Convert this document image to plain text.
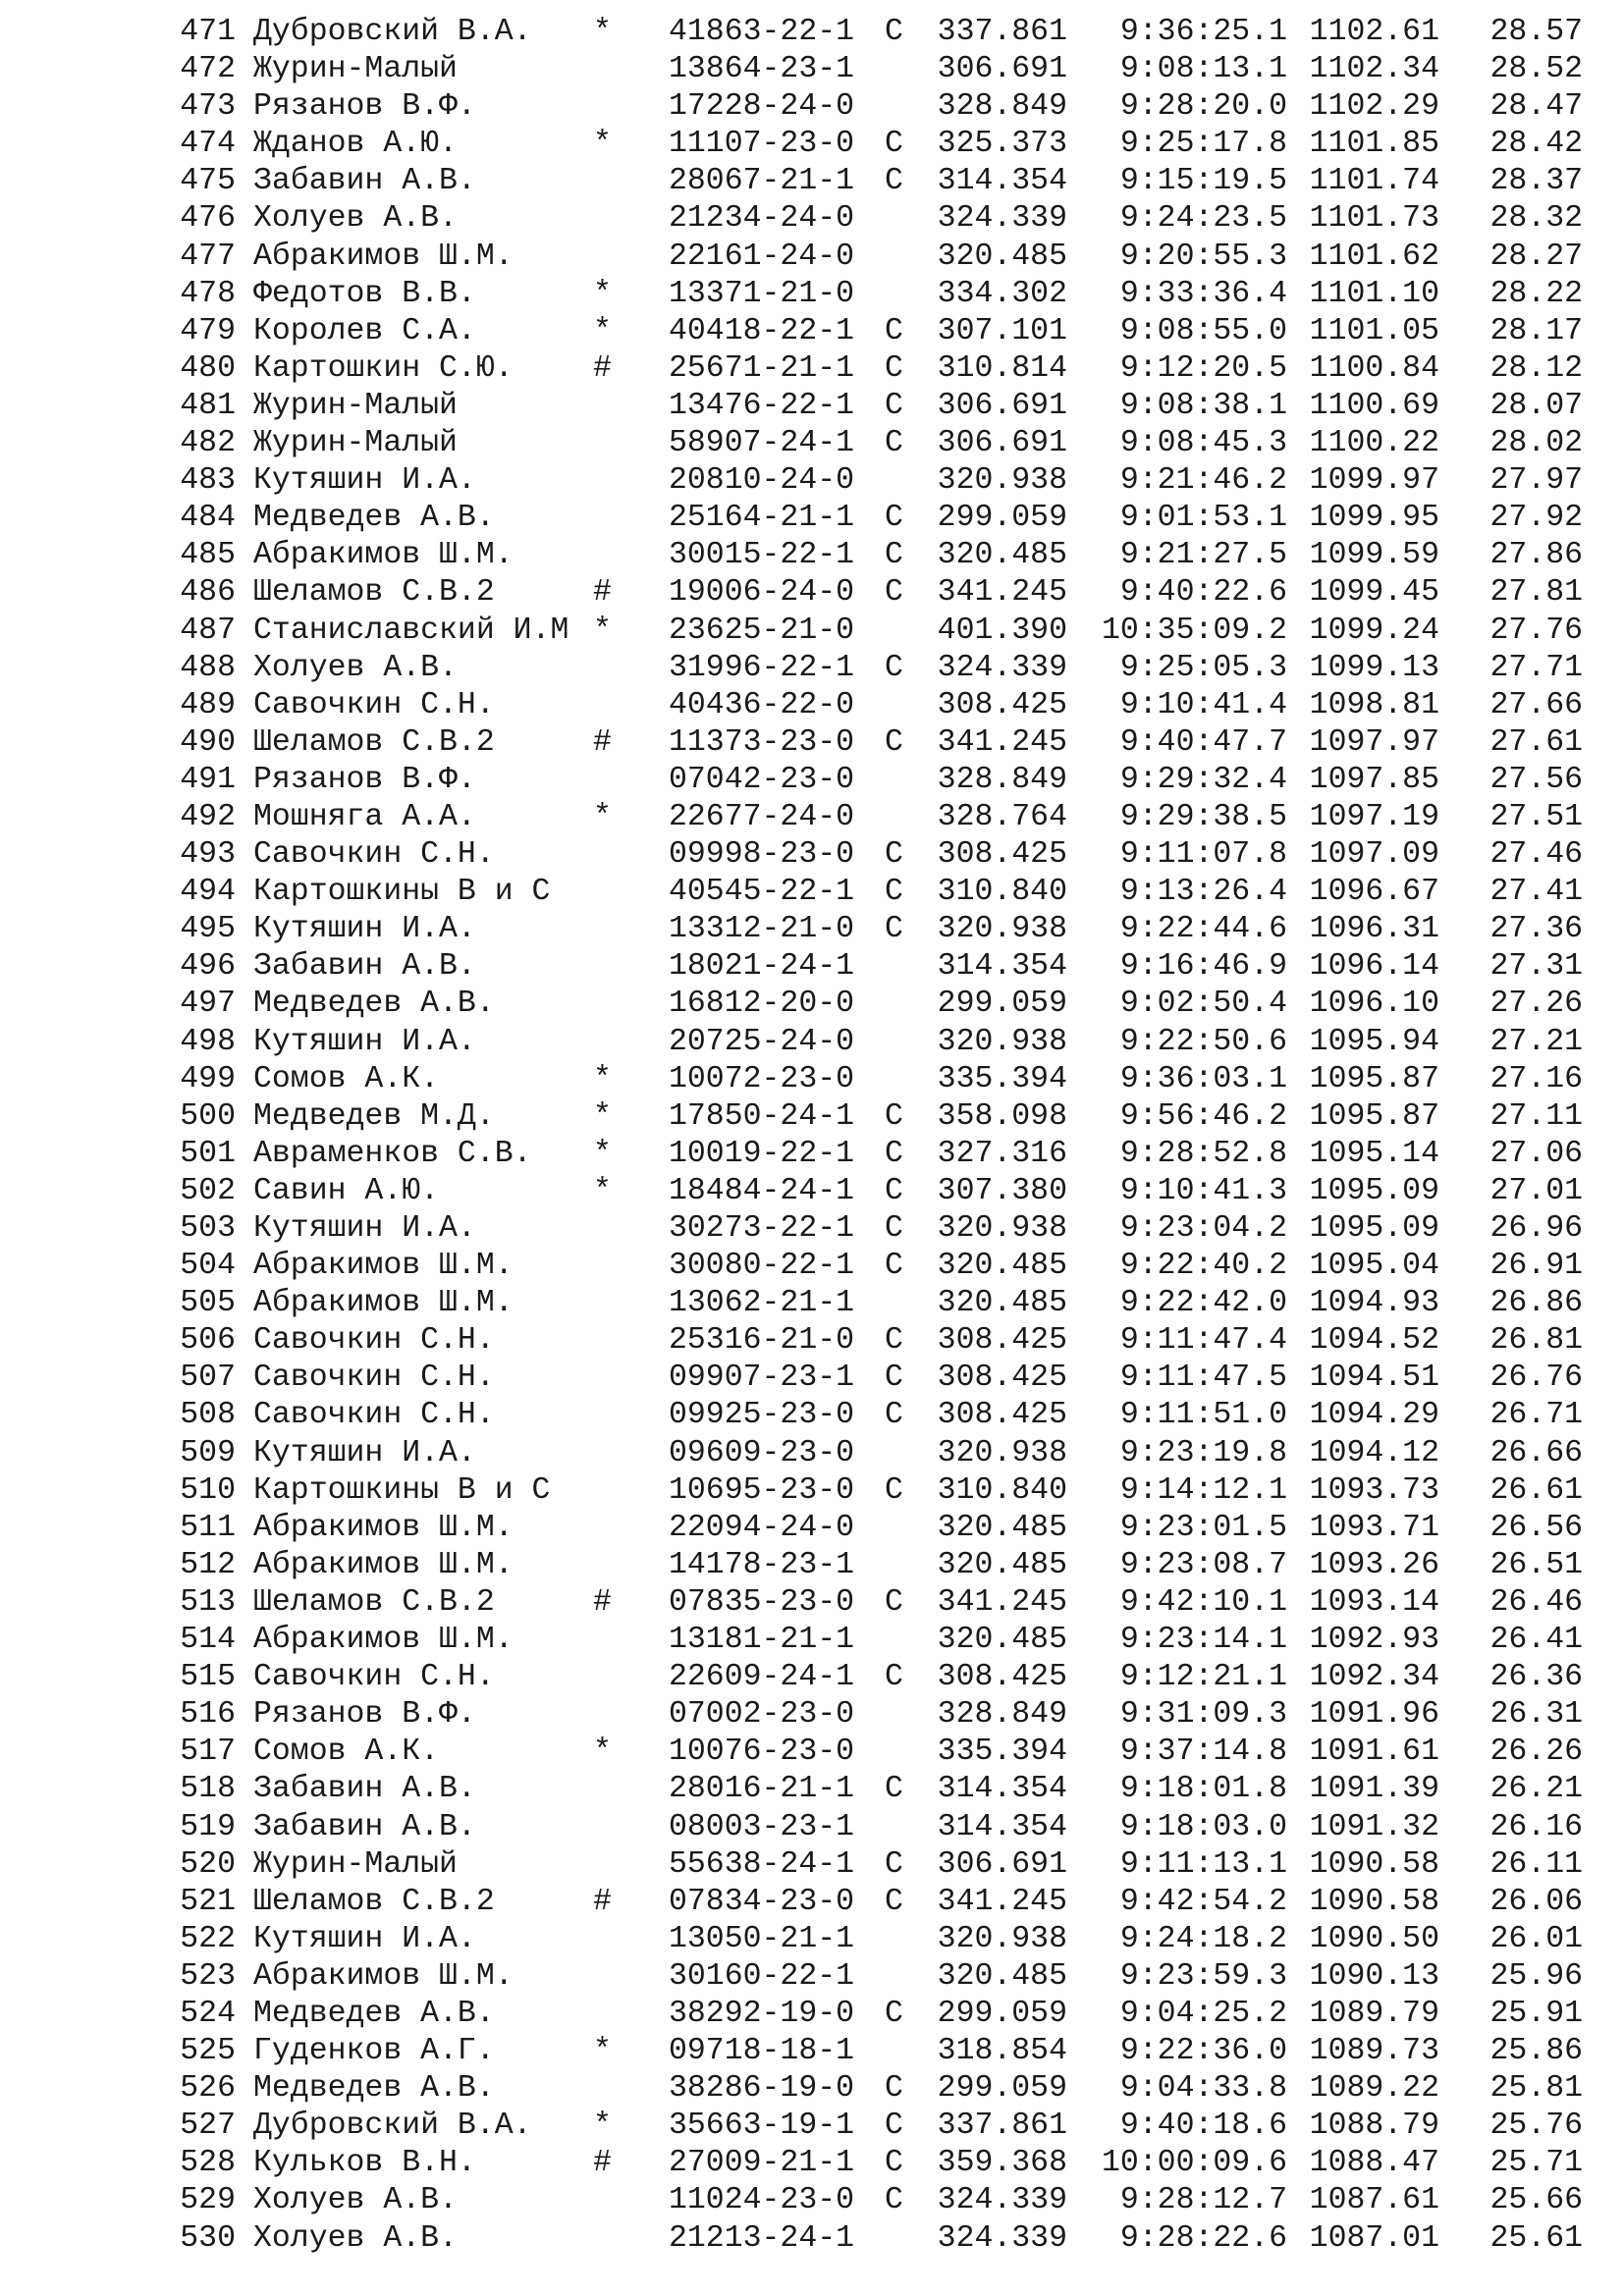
471 Дубровский В.А. * 41863-22-1 C	337.861	9:36:25.1 1102.61	28.57
472 Журин-Малый	13864-23-1	306.691	9:08:13.1 1102.34	28.52
473 Рязанов В.Ф.	17228-24-0	328.849	9:28:20.0 1102.29	28.47
474 Жданов А.Ю.	* 11107-23-0 C	325.373	9:25:17.8 1101.85	28.42
475 Забавин А.В.	28067-21-1 C	314.354	9:15:19.5 1101.74	28.37
476 Холуев А.В.	21234-24-0	324.339	9:24:23.5 1101.73	28.32
477 Абракимов Ш.М.	22161-24-0	320.485	9:20:55.3 1101.62	28.27
478 Федотов В.В.	* 13371-21-0	334.302	9:33:36.4 1101.10	28.22
479 Королев С.А.	* 40418-22-1 C	307.101	9:08:55.0 1101.05	28.17
480 Картошкин С.Ю.	# 25671-21-1 C	310.814	9:12:20.5 1100.84	28.12
481 Журин-Малый	13476-22-1 C	306.691	9:08:38.1 1100.69	28.07
482 Журин-Малый	58907-24-1 C	306.691	9:08:45.3 1100.22	28.02
483 Кутяшин И.А.	20810-24-0	320.938	9:21:46.2 1099.97	27.97
484 Медведев А.В.	25164-21-1 C	299.059	9:01:53.1 1099.95	27.92
485 Абракимов Ш.М.	30015-22-1 C	320.485	9:21:27.5 1099.59	27.86
486 Шеламов С.В.2	# 19006-24-0 C	341.245	9:40:22.6 1099.45	27.81
487 Станиславский И.М * 23625-21-0	401.390	10:35:09.2 1099.24	27.76
488 Холуев А.В.	31996-22-1 C	324.339	9:25:05.3 1099.13	27.71
489 Савочкин С.Н.	40436-22-0	308.425	9:10:41.4 1098.81	27.66
490 Шеламов С.В.2	# 11373-23-0 C	341.245	9:40:47.7 1097.97	27.61
491 Рязанов В.Ф.	07042-23-0	328.849	9:29:32.4 1097.85	27.56
492 Мошняга А.А.	* 22677-24-0	328.764	9:29:38.5 1097.19	27.51
493 Савочкин С.Н.	09998-23-0 C	308.425	9:11:07.8 1097.09	27.46
494 Картошкины В и С	40545-22-1 C	310.840	9:13:26.4 1096.67	27.41
495 Кутяшин И.А.	13312-21-0 C	320.938	9:22:44.6 1096.31	27.36
496 Забавин А.В.	18021-24-1	314.354	9:16:46.9 1096.14	27.31
497 Медведев А.В.	16812-20-0	299.059	9:02:50.4 1096.10	27.26
498 Кутяшин И.А.	20725-24-0	320.938	9:22:50.6 1095.94	27.21
499 Сомов А.К.	* 10072-23-0	335.394	9:36:03.1 1095.87	27.16
500 Медведев М.Д.	* 17850-24-1 C	358.098	9:56:46.2 1095.87	27.11
501 Авраменков С.В. * 10019-22-1 C	327.316	9:28:52.8 1095.14	27.06
502 Савин А.Ю.	* 18484-24-1 C	307.380	9:10:41.3 1095.09	27.01
503 Кутяшин И.А.	30273-22-1 C	320.938	9:23:04.2 1095.09	26.96
504 Абракимов Ш.М.	30080-22-1 C	320.485	9:22:40.2 1095.04	26.91
505 Абракимов Ш.М.	13062-21-1	320.485	9:22:42.0 1094.93	26.86
506 Савочкин С.Н.	25316-21-0 C	308.425	9:11:47.4 1094.52	26.81
507 Савочкин С.Н.	09907-23-1 C	308.425	9:11:47.5 1094.51	26.76
508 Савочкин С.Н.	09925-23-0 C	308.425	9:11:51.0 1094.29	26.71
509 Кутяшин И.А.	09609-23-0	320.938	9:23:19.8 1094.12	26.66
510 Картошкины В и С	10695-23-0 C	310.840	9:14:12.1 1093.73	26.61
511 Абракимов Ш.М.	22094-24-0	320.485	9:23:01.5 1093.71	26.56
512 Абракимов Ш.М.	14178-23-1	320.485	9:23:08.7 1093.26	26.51
513 Шеламов С.В.2	# 07835-23-0 C	341.245	9:42:10.1 1093.14	26.46
514 Абракимов Ш.М.	13181-21-1	320.485	9:23:14.1 1092.93	26.41
515 Савочкин С.Н.	22609-24-1 C	308.425	9:12:21.1 1092.34	26.36
516 Рязанов В.Ф.	07002-23-0	328.849	9:31:09.3 1091.96	26.31
517 Сомов А.К.	* 10076-23-0	335.394	9:37:14.8 1091.61	26.26
518 Забавин А.В.	28016-21-1 C	314.354	9:18:01.8 1091.39	26.21
519 Забавин А.В.	08003-23-1	314.354	9:18:03.0 1091.32	26.16
520 Журин-Малый	55638-24-1 C	306.691	9:11:13.1 1090.58	26.11
521 Шеламов С.В.2	# 07834-23-0 C	341.245	9:42:54.2 1090.58	26.06
522 Кутяшин И.А.	13050-21-1	320.938	9:24:18.2 1090.50	26.01
523 Абракимов Ш.М.	30160-22-1	320.485	9:23:59.3 1090.13	25.96
524 Медведев А.В.	38292-19-0 C	299.059	9:04:25.2 1089.79	25.91
525 Гуденков А.Г.	* 09718-18-1	318.854	9:22:36.0 1089.73	25.86
526 Медведев А.В.	38286-19-0 C	299.059	9:04:33.8 1089.22	25.81
527 Дубровский В.А. * 35663-19-1 C	337.861	9:40:18.6 1088.79	25.76
528 Кульков В.Н.	# 27009-21-1 C	359.368	10:00:09.6 1088.47	25.71
529 Холуев А.В.	11024-23-0 C	324.339	9:28:12.7 1087.61	25.66
530 Холуев А.В.	21213-24-1	324.339	9:28:22.6 1087.01	25.61
